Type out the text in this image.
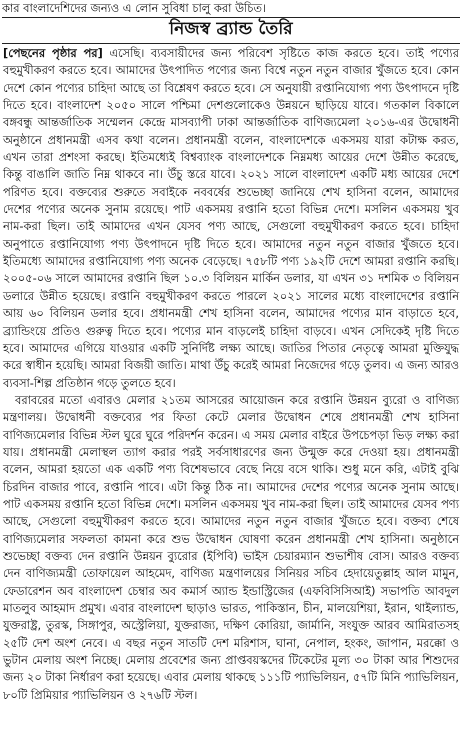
কার বাংলাদেশিদের জন্যও এ লোন সুবিধা চালু করা উচিত।
নিজস্ব ব্র্যান্ড তৈরি

[পেছনের পৃষ্ঠার পর] এসেছি। ব্যবসায়ীদের জন্য পরিবেশ সৃষ্টিতে কাজ করতে হবে। তাই পণ্যের বহুমুখীকরণ করতে হবে। আমাদের উৎপাদিত পণ্যের জন্য বিশ্বে নতুন নতুন বাজার খুঁজতে হবে। কোন দেশে কোন পণ্যের চাহিদা আছে তা বিশ্লেষণ করতে হবে। সে অনুযায়ী রপ্তানিযোগ্য পণ্য উৎপাদনে দৃষ্টি দিতে হবে। বাংলাদেশ ২০৫০ সালে পশ্চিমা দেশগুলোকেও উন্নয়নে ছাড়িয়ে যাবে। গতকাল বিকালে বঙ্গবন্ধু আন্তর্জাতিক সম্মেলন কেন্দ্রে মাসব্যাপী ঢাকা আন্তর্জাতিক বাণিজ্যমেলা ২০১৬-এর উদ্বোধনী অনুষ্ঠানে প্রধানমন্ত্রী এসব কথা বলেন। প্রধানমন্ত্রী বলেন, বাংলাদেশকে একসময় যারা কটাক্ষ করত, এখন তারা প্রশংসা করছে। ইতিমধ্যেই বিশ্বব্যাংক বাংলাদেশকে নিম্নমধ্য আয়ের দেশে উন্নীত করেছে, কিন্তু বাঙালি জাতি নিম্ন থাকবে না। উঁচু স্তরে যাবে। ২০২১ সালে বাংলাদেশ একটি মধ্য আয়ের দেশে পরিণত হবে। বক্তব্যের শুরুতে সবাইকে নববর্ষের শুভেচ্ছা জানিয়ে শেখ হাসিনা বলেন, আমাদের দেশের পণ্যের অনেক সুনাম রয়েছে। পাট একসময় রপ্তানি হতো বিভিন্ন দেশে। মসলিন একসময় খুব নাম-করা ছিল। তাই আমাদের এখন যেসব পণ্য আছে, সেগুলো বহুমুখীকরণ করতে হবে। চাহিদা অনুপাতে রপ্তানিযোগ্য পণ্য উৎপাদনে দৃষ্টি দিতে হবে। আমাদের নতুন নতুন বাজার খুঁজতে হবে। ইতিমধ্যে আমাদের রপ্তানিযোগ্য পণ্য অনেক বেড়েছে। ৭৫৮টি পণ্য ১৯২টি দেশে আমরা রপ্তানি করছি। ২০০৫-০৬ সালে আমাদের রপ্তানি ছিল ১০.৩ বিলিয়ন মার্কিন ডলার, যা এখন ৩১ দশমিক ৩ বিলিয়ন ডলারে উন্নীত হয়েছে। রপ্তানি বহুমুখীকরণ করতে পারলে ২০২১ সালের মধ্যে বাংলাদেশের রপ্তানি আয় ৬০ বিলিয়ন ডলার হবে। প্রধানমন্ত্রী শেখ হাসিনা বলেন, আমাদের পণ্যের মান বাড়াতে হবে, ব্র্যান্ডিংয়ে প্রতিও গুরুত্ব দিতে হবে। পণ্যের মান বাড়লেই চাহিদা বাড়বে। এখন সেদিকেই দৃষ্টি দিতে হবে। আমাদের এগিয়ে যাওয়ার একটি সুনির্দিষ্ট লক্ষ্য আছে। জাতির পিতার নেতৃত্বে আমরা মুক্তিযুদ্ধ করে স্বাধীন হয়েছি। আমরা বিজয়ী জাতি। মাথা উঁচু করেই আমরা নিজেদের গড়ে তুলব। এ জন্য আরও ব্যবসা-শিল্প প্রতিষ্ঠান গড়ে তুলতে হবে।

বরাবরের মতো এবারও মেলার ২১তম আসরের আয়োজন করে রপ্তানি উন্নয়ন ব্যুরো ও বাণিজ্য মন্ত্রণালয়। উদ্বোধনী বক্তব্যের পর ফিতা কেটে মেলার উদ্বোধন শেষে প্রধানমন্ত্রী শেখ হাসিনা বাণিজ্যমেলার বিভিন্ন স্টল ঘুরে ঘুরে পরিদর্শন করেন। এ সময় মেলার বাইরে উপচেপড়া ভিড় লক্ষ্য করা যায়। প্রধানমন্ত্রী মেলাস্থল ত্যাগ করার পরই সর্বসাধারণের জন্য উন্মুক্ত করে দেওয়া হয়। প্রধানমন্ত্রী বলেন, আমরা হয়তো এক একটি পণ্য বিশেষভাবে বেছে নিয়ে বসে থাকি। শুধু মনে করি, এটাই বুঝি চিরদিন বাজার পাবে, রপ্তানি পাবে। এটা কিন্তু ঠিক না। আমাদের দেশের পণ্যের অনেক সুনাম আছে। পাট একসময় রপ্তানি হতো বিভিন্ন দেশে। মসলিন একসময় খুব নাম-করা ছিল। তাই আমাদের যেসব পণ্য আছে, সেগুলো বহুমুখীকরণ করতে হবে। আমাদের নতুন নতুন বাজার খুঁজতে হবে। বক্তব্য শেষে বাণিজ্যমেলার সফলতা কামনা করে শুভ উদ্বোধন ঘোষণা করেন প্রধানমন্ত্রী শেখ হাসিনা। অনুষ্ঠানে শুভেচ্ছা বক্তব্য দেন রপ্তানি উন্নয়ন ব্যুরোর (ইপিবি) ভাইস চেয়ারম্যান শুভাশীষ বোস। আরও বক্তব্য দেন বাণিজ্যমন্ত্রী তোফায়েল আহমেদ, বাণিজ্য মন্ত্রণালয়ের সিনিয়র সচিব হেদায়েতুল্লাহ আল মামুন, ফেডারেশন অব বাংলাদেশ চেম্বার অব কমার্স অ্যান্ড ইন্ডাস্ট্রিজের (এফবিসিসিআই) সভাপতি আবদুল মাতলুব আহমাদ প্রমুখ। এবার বাংলাদেশ ছাড়াও ভারত, পাকিস্তান, চীন, মালয়েশিয়া, ইরান, থাইল্যান্ড, যুক্তরাষ্ট্র, তুরস্ক, সিঙ্গাপুর, অস্ট্রেলিয়া, যুক্তরাজ্য, দক্ষিণ কোরিয়া, জার্মানি, সংযুক্ত আরব আমিরাতসহ ২৫টি দেশ অংশ নেবে। এ বছর নতুন সাতটি দেশ মরিশাস, ঘানা, নেপাল, হংকং, জাপান, মরক্কো ও ভুটান মেলায় অংশ নিচ্ছে। মেলায় প্রবেশের জন্য প্রাপ্তবয়স্কদের টিকেটের মূল্য ৩০ টাকা আর শিশুদের জন্য ২০ টাকা নির্ধারণ করা হয়েছে। এবার মেলায় থাকছে ১১১টি প্যাভিলিয়ন, ৫৭টি মিনি প্যাভিলিয়ন, ৮০টি প্রিমিয়ার প্যাভিলিয়ন ও ২৭৬টি স্টল।
